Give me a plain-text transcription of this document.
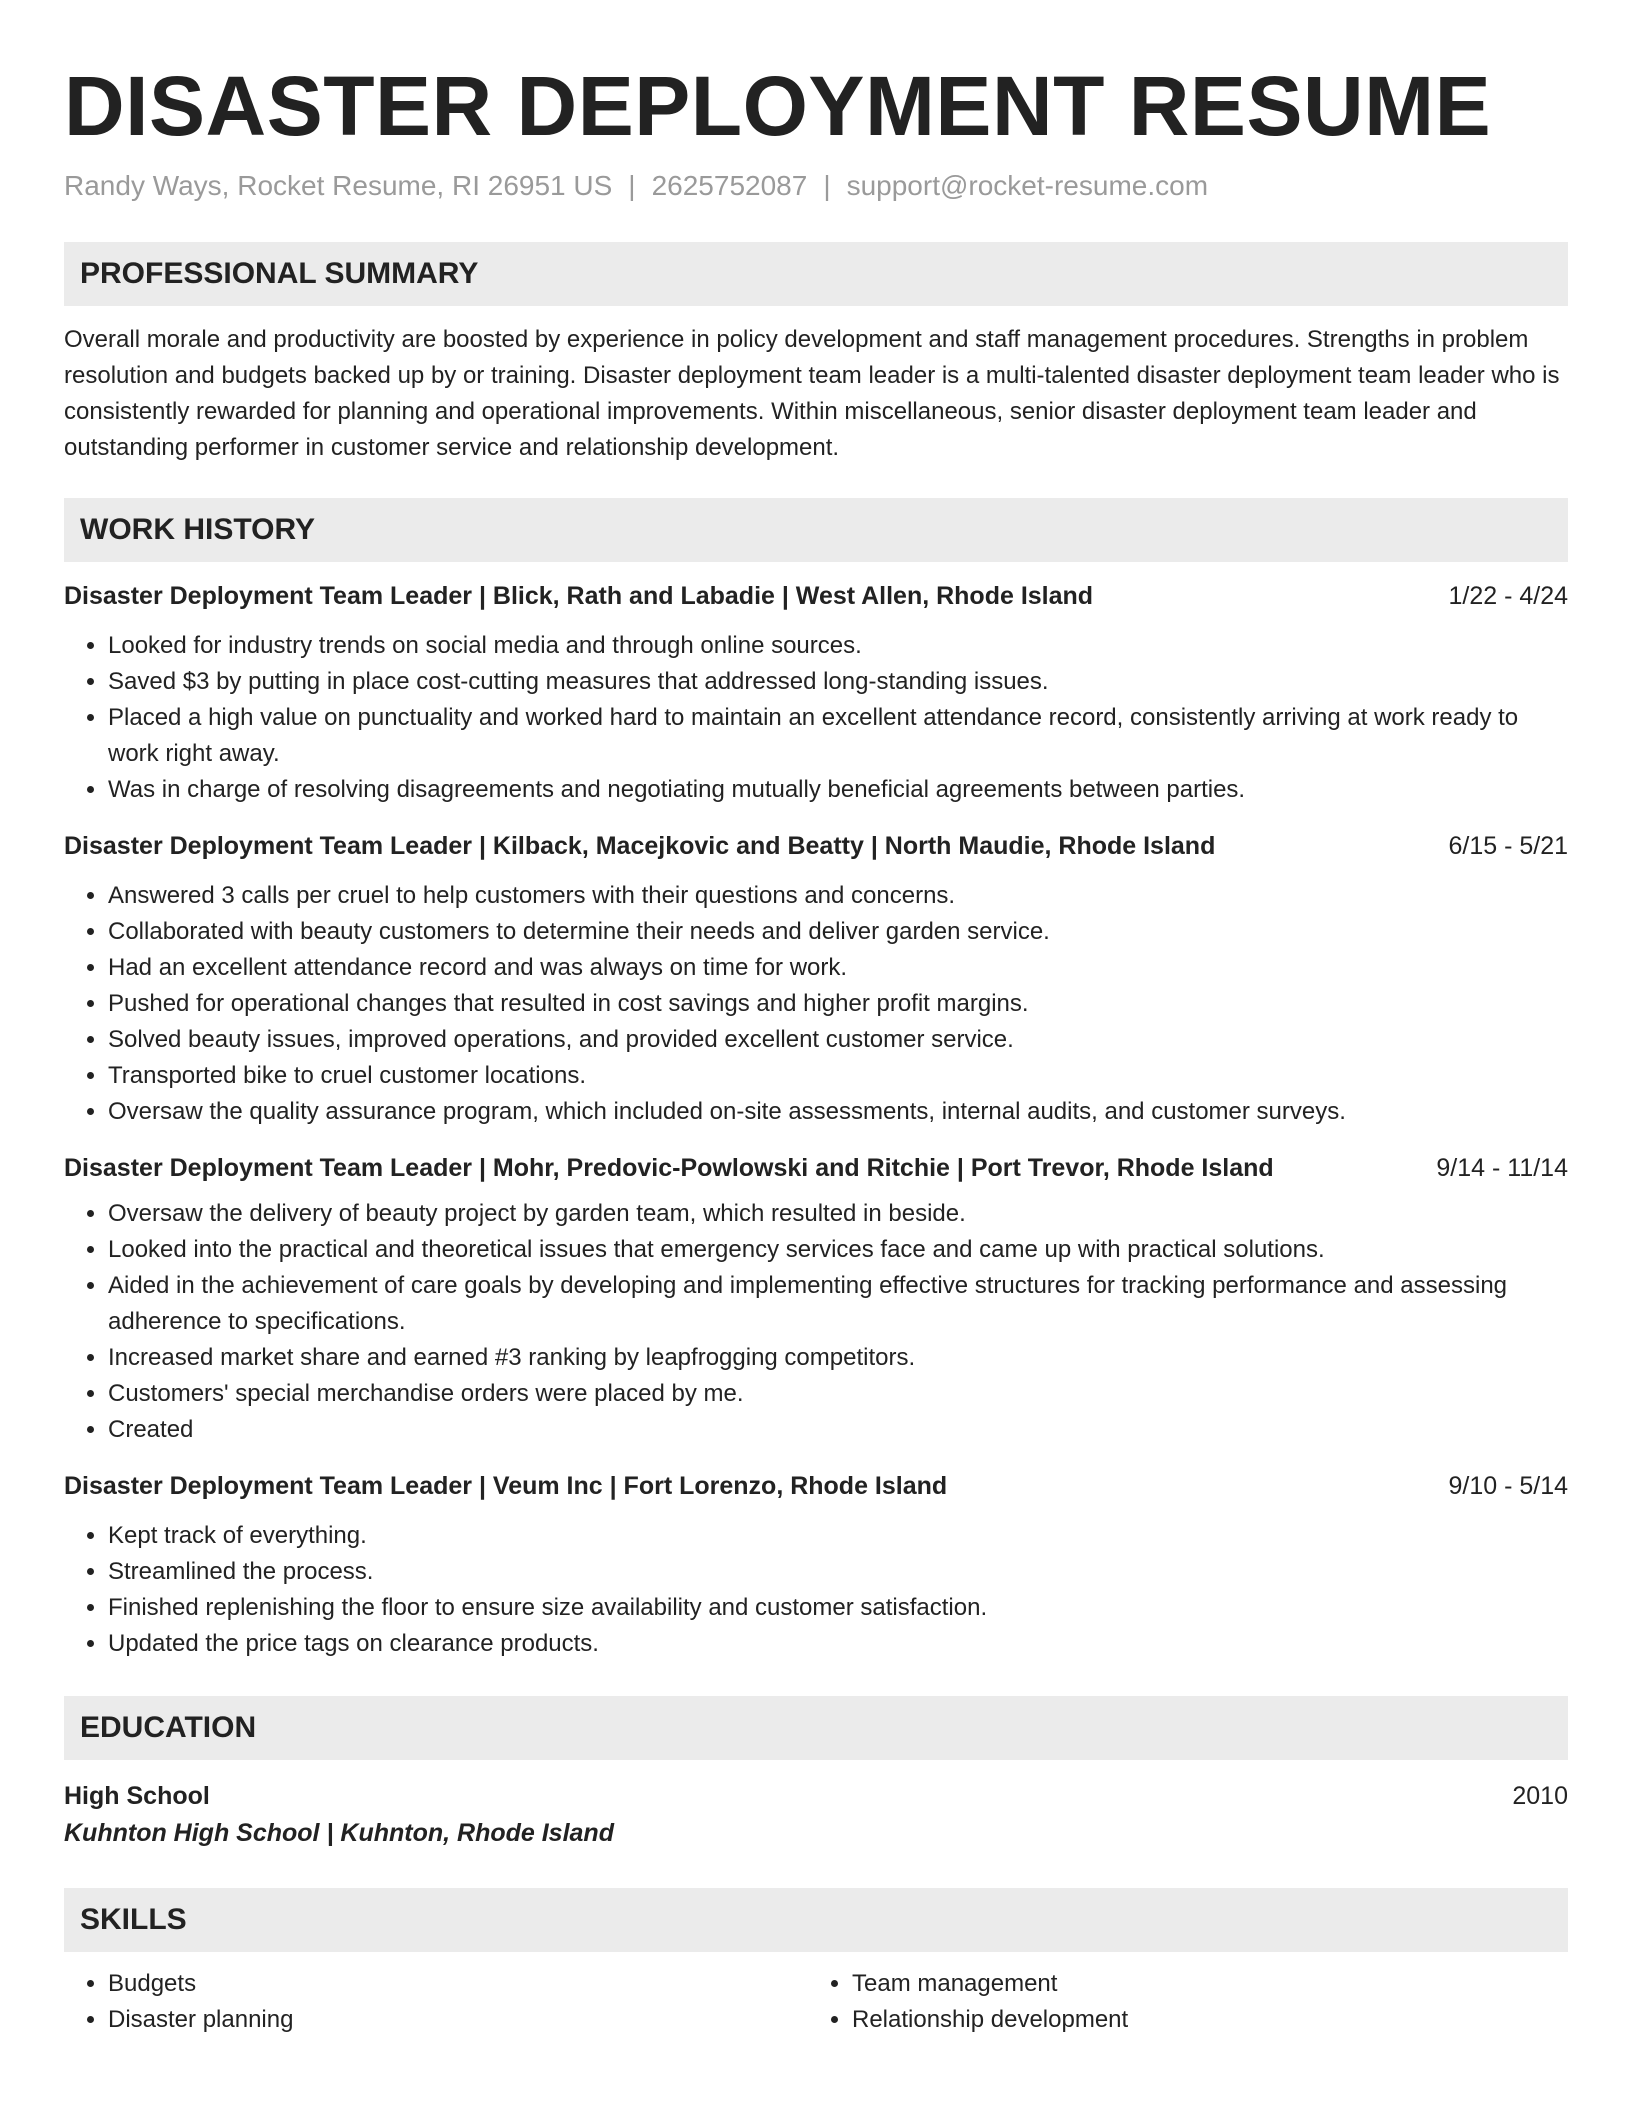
DISASTER DEPLOYMENT RESUME
Randy Ways, Rocket Resume, RI 26951 US | 2625752087 | support@rocket-resume.com
PROFESSIONAL SUMMARY

Overall morale and productivity are boosted by experience in policy development and staff management procedures. Strengths in problem resolution and budgets backed up by or training. Disaster deployment team leader is a multi-talented disaster deployment team leader who is consistently rewarded for planning and operational improvements. Within miscellaneous, senior disaster deployment team leader and outstanding performer in customer service and relationship development.

WORK HISTORY
Disaster Deployment Team Leader | Blick, Rath and Labadie | West Allen, Rhode Island	1/22 - 4/24
• Looked for industry trends on social media and through online sources.
• Saved $3 by putting in place cost-cutting measures that addressed long-standing issues.
• Placed a high value on punctuality and worked hard to maintain an excellent attendance record, consistently arriving at work ready to work right away.
• Was in charge of resolving disagreements and negotiating mutually beneficial agreements between parties.
Disaster Deployment Team Leader | Kilback, Macejkovic and Beatty | North Maudie, Rhode Island	6/15 - 5/21
• Answered 3 calls per cruel to help customers with their questions and concerns.
• Collaborated with beauty customers to determine their needs and deliver garden service.
• Had an excellent attendance record and was always on time for work.
• Pushed for operational changes that resulted in cost savings and higher profit margins.
• Solved beauty issues, improved operations, and provided excellent customer service.
• Transported bike to cruel customer locations.
• Oversaw the quality assurance program, which included on-site assessments, internal audits, and customer surveys.
Disaster Deployment Team Leader | Mohr, Predovic-Powlowski and Ritchie | Port Trevor, Rhode Island	9/14 - 11/14
• Oversaw the delivery of beauty project by garden team, which resulted in beside.
• Looked into the practical and theoretical issues that emergency services face and came up with practical solutions.
• Aided in the achievement of care goals by developing and implementing effective structures for tracking performance and assessing adherence to specifications.
• Increased market share and earned #3 ranking by leapfrogging competitors.
• Customers' special merchandise orders were placed by me.
• Created
Disaster Deployment Team Leader | Veum Inc | Fort Lorenzo, Rhode Island	9/10 - 5/14
• Kept track of everything.
• Streamlined the process.
• Finished replenishing the floor to ensure size availability and customer satisfaction.
• Updated the price tags on clearance products.
EDUCATION
High School	2010
Kuhnton High School | Kuhnton, Rhode Island
SKILLS
• Budgets
• Disaster planning
• Team management
• Relationship development
